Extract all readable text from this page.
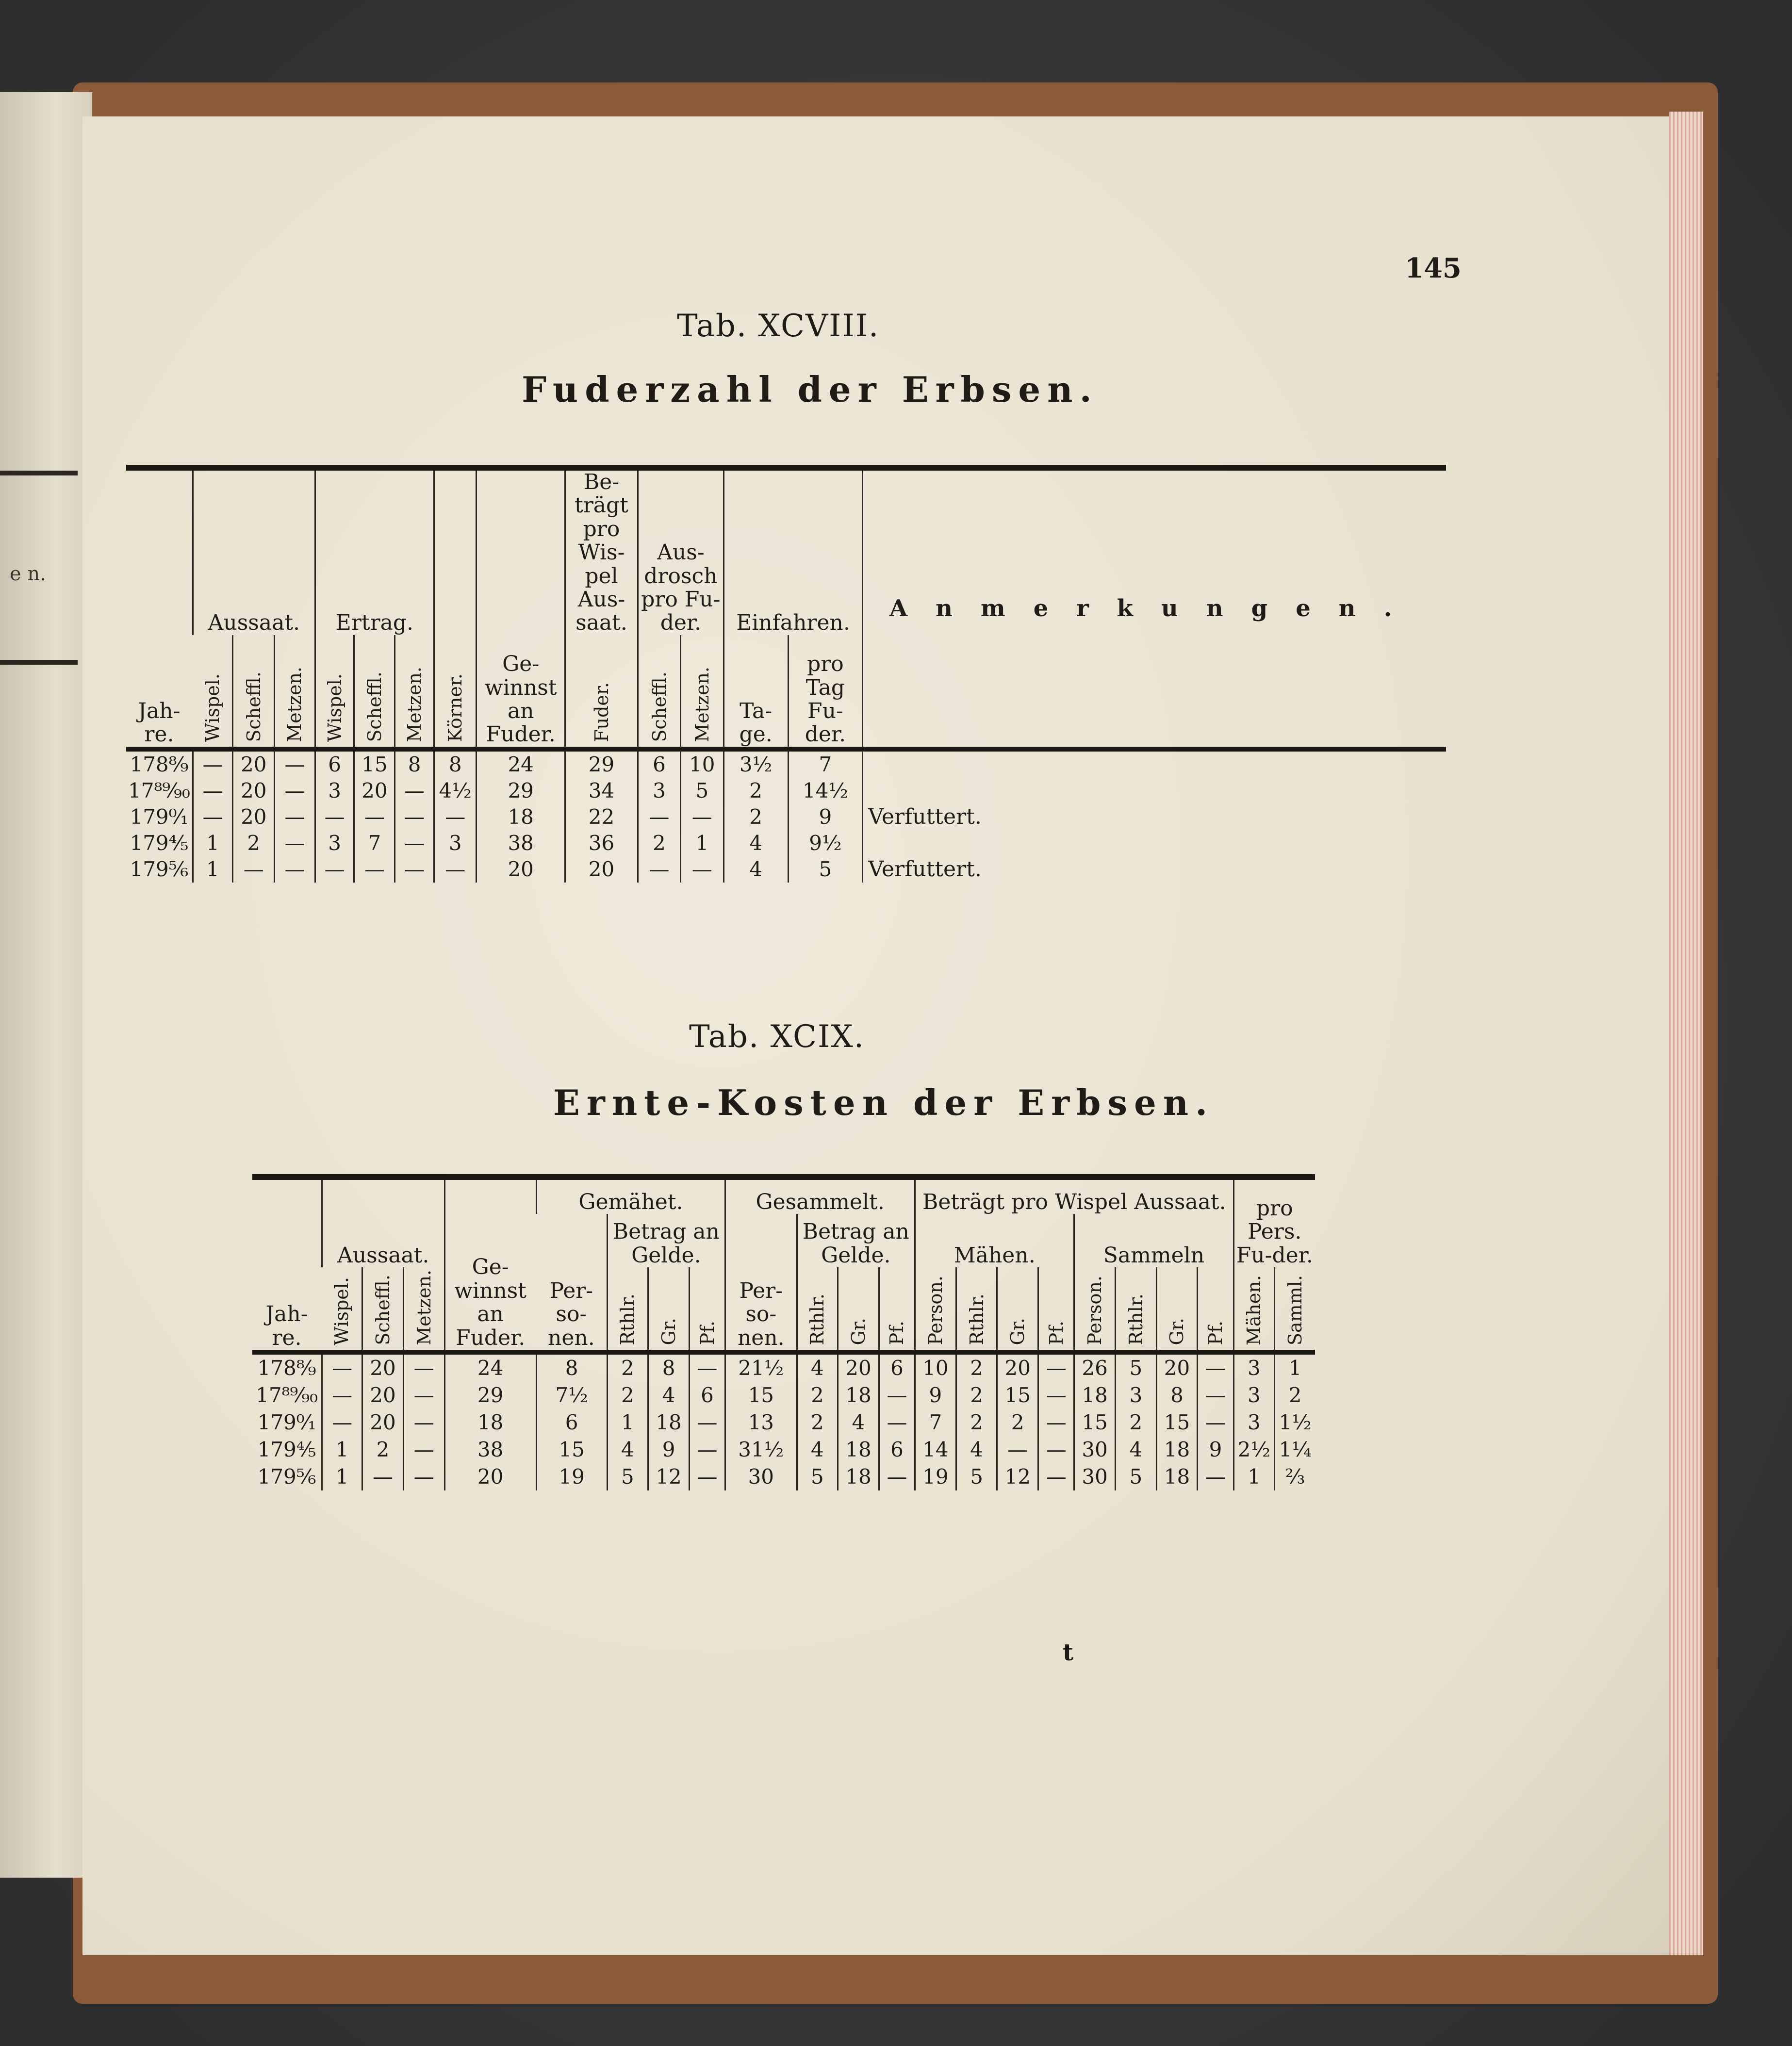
e n.
145
Tab. XCVIII.
Fuderzahl der Erbsen.
Jah-re.	Aussaat.			Ertrag.			Körner.	Ge-winnst an Fuder.	Be-trägt pro Wis-pel Aus-saat.	Aus-drosch pro Fu-der.		Einfahren.		Anmerkungen.
	Wispel.	Scheffl.	Metzen.	Wispel.	Scheffl.	Metzen.			Fuder.	Scheffl.	Metzen.	Ta-ge.	pro Tag Fu-der.	
178⁸⁄₉	—	20	—	6	15	8	8	24	29	6	10	3½	7	
17⁸⁹⁄₉₀	—	20	—	3	20	—	4½	29	34	3	5	2	14½	
179⁰⁄₁	—	20	—	—	—	—	—	18	22	—	—	2	9	Verfuttert.
179⁴⁄₅	1	2	—	3	7	—	3	38	36	2	1	4	9½	
179⁵⁄₆	1	—	—	—	—	—	—	20	20	—	—	4	5	Verfuttert.
Tab. XCIX.
Ernte-Kosten der Erbsen.
Jah-re.	Aussaat.			Ge-winnst an Fuder.	Gemähet.				Gesammelt.				Beträgt pro Wispel Aussaat.								pro Pers. Fu-der.	
					Per-so-nen.	Betrag an Gelde.			Per-so-nen.	Betrag an Gelde.			Mähen.				Sammeln					
	Wispel.	Scheffl.	Metzen.			Rthlr.	Gr.	Pf.		Rthlr.	Gr.	Pf.	Person.	Rthlr.	Gr.	Pf.	Person.	Rthlr.	Gr.	Pf.	Mähen.	Samml.
178⁸⁄₉	—	20	—	24	8	2	8	—	21½	4	20	6	10	2	20	—	26	5	20	—	3	1
17⁸⁹⁄₉₀	—	20	—	29	7½	2	4	6	15	2	18	—	9	2	15	—	18	3	8	—	3	2
179⁰⁄₁	—	20	—	18	6	1	18	—	13	2	4	—	7	2	2	—	15	2	15	—	3	1½
179⁴⁄₅	1	2	—	38	15	4	9	—	31½	4	18	6	14	4	—	—	30	4	18	9	2½	1¼
179⁵⁄₆	1	—	—	20	19	5	12	—	30	5	18	—	19	5	12	—	30	5	18	—	1	⅔
t
